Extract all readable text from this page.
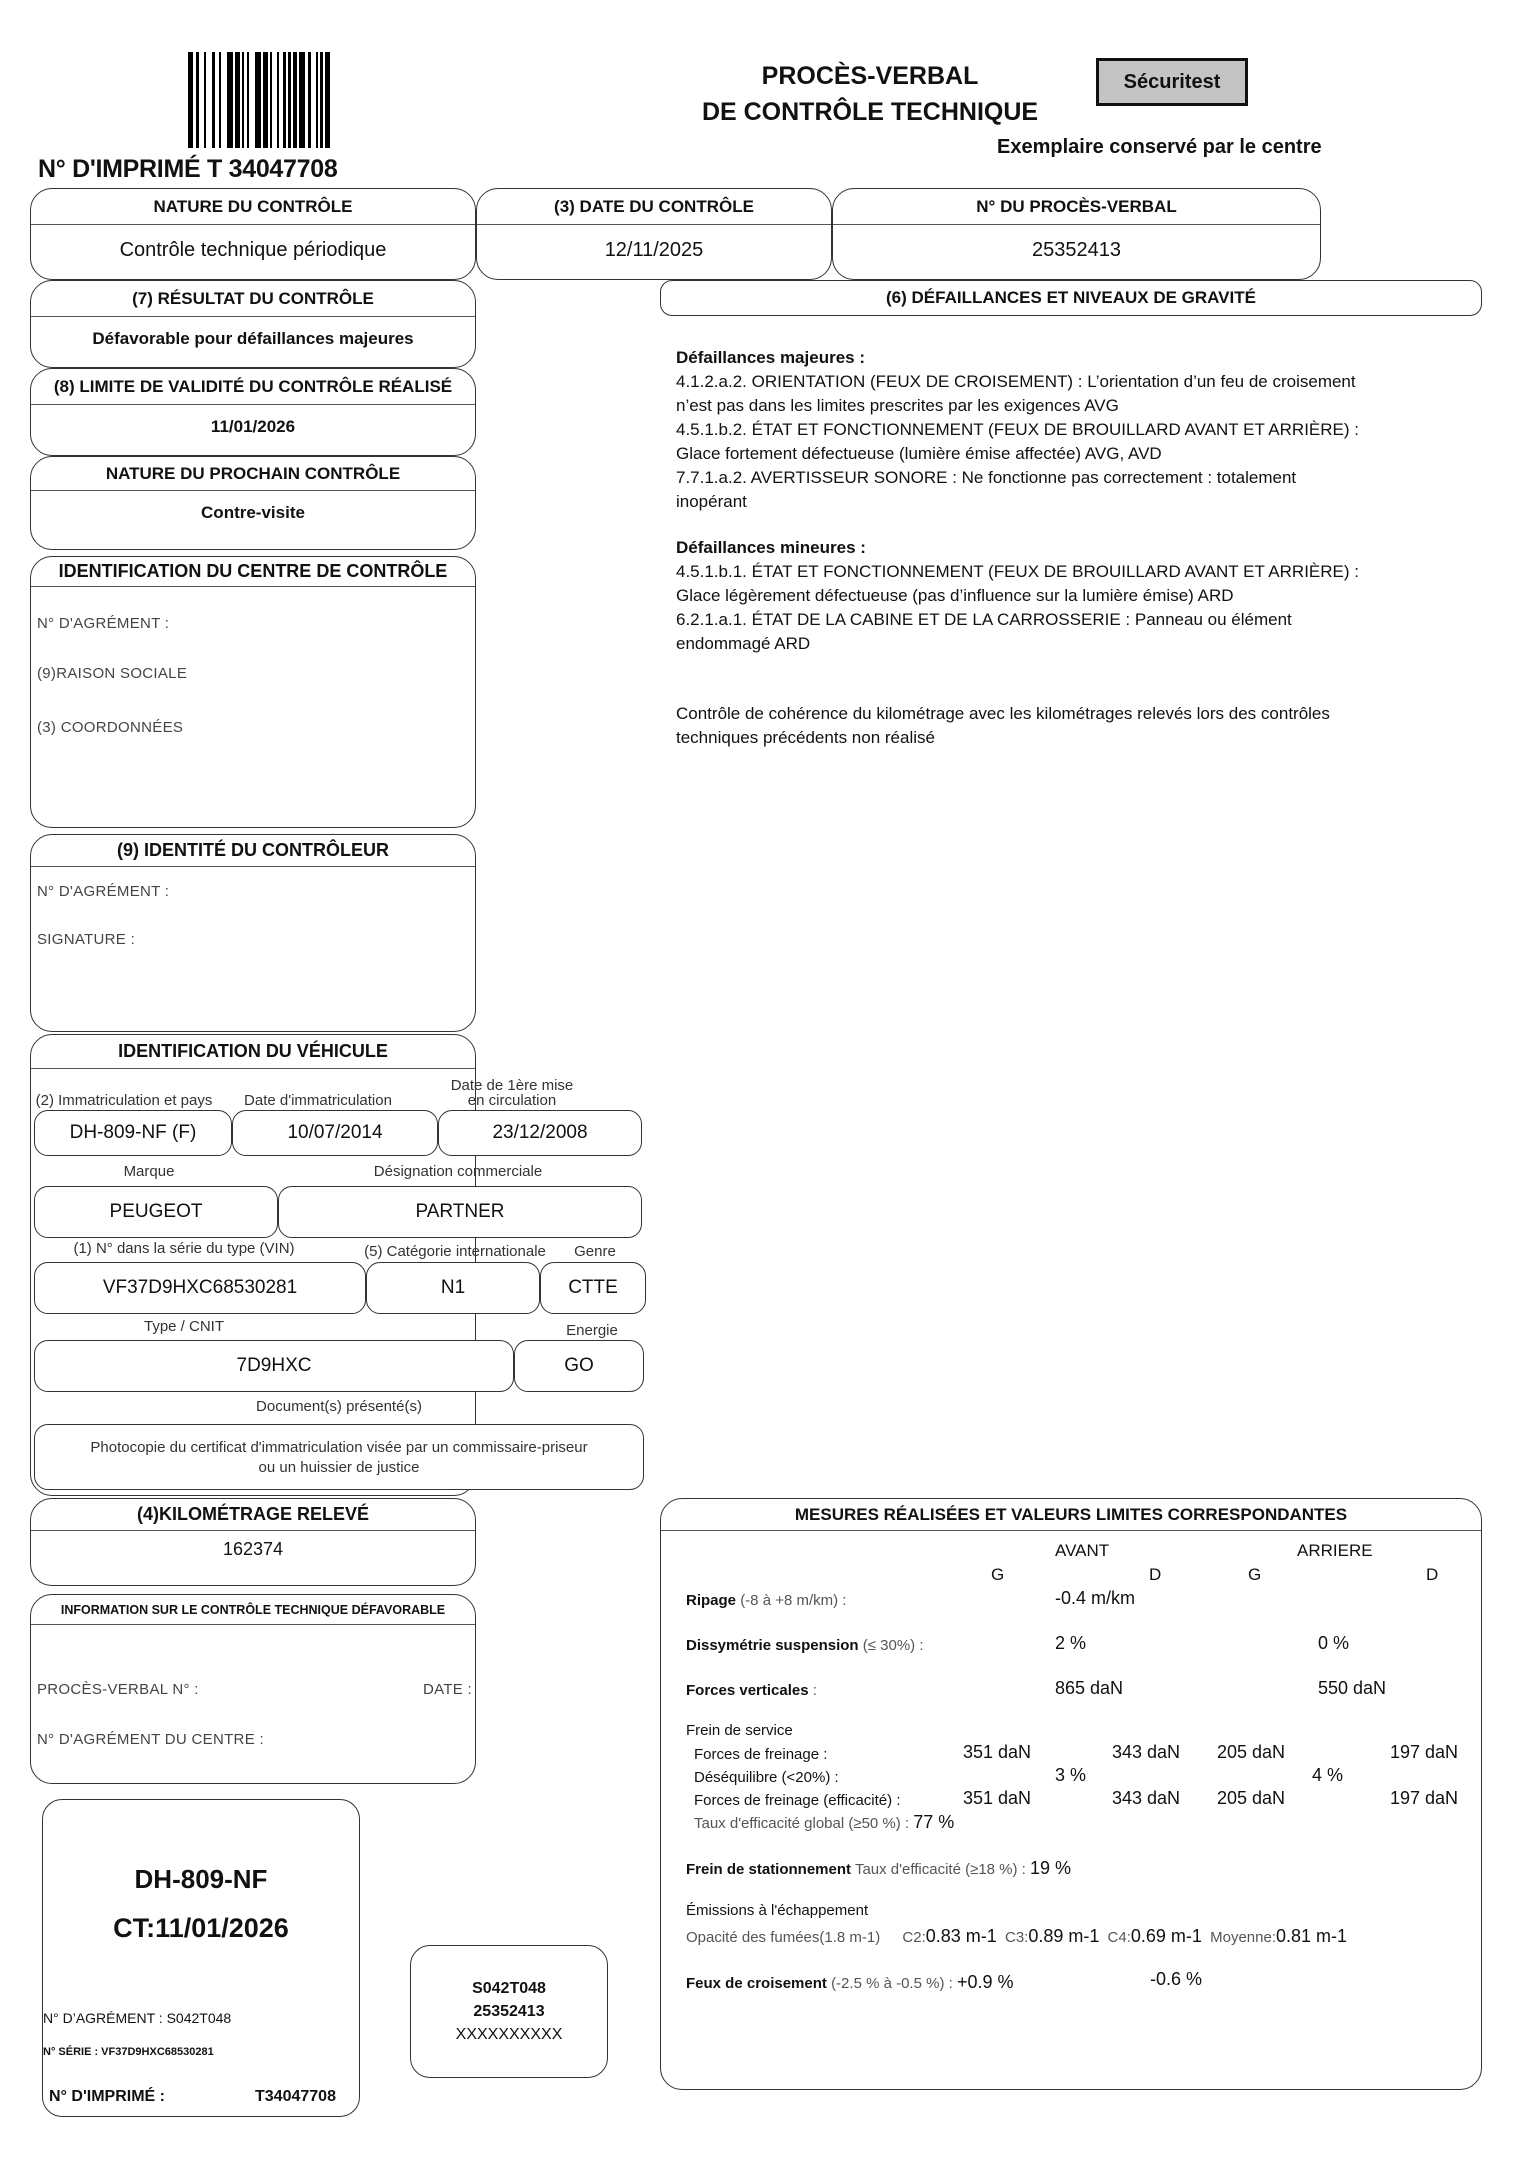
N° D'IMPRIMÉ T 34047708
PROCÈS-VERBAL
DE CONTRÔLE TECHNIQUE
Sécuritest
Exemplaire conservé par le centre
NATURE DU CONTRÔLE
Contrôle technique périodique
(3) DATE DU CONTRÔLE
12/11/2025
N° DU PROCÈS-VERBAL
25352413
(7) RÉSULTAT DU CONTRÔLE
Défavorable pour défaillances majeures
(8) LIMITE DE VALIDITÉ DU CONTRÔLE RÉALISÉ
11/01/2026
NATURE DU PROCHAIN CONTRÔLE
Contre-visite
IDENTIFICATION DU CENTRE DE CONTRÔLE
N° D'AGRÉMENT :
(9)RAISON SOCIALE
(3) COORDONNÉES
(9) IDENTITÉ DU CONTRÔLEUR
N° D'AGRÉMENT :
SIGNATURE :
IDENTIFICATION DU VÉHICULE
(2) Immatriculation et pays	Date d'immatriculation
Date de 1ère mise
en circulation
DH-809-NF (F)	10/07/2014	23/12/2008
Marque	Désignation commerciale
PEUGEOT	PARTNER
(1) N° dans la série du type (VIN)	(5) Catégorie internationale	Genre
VF37D9HXC68530281	N1	CTTE
Type / CNIT	Energie
7D9HXC	GO
Document(s) présenté(s)
Photocopie du certificat d'immatriculation visée par un commissaire-priseur
ou un huissier de justice
(4)KILOMÉTRAGE RELEVÉ
162374
INFORMATION SUR LE CONTRÔLE TECHNIQUE DÉFAVORABLE
PROCÈS-VERBAL N° :	DATE :
N° D'AGRÉMENT DU CENTRE :
DH-809-NF
CT:11/01/2026
N° D’AGRÉMENT : S042T048
N° SÉRIE : VF37D9HXC68530281
N° D'IMPRIMÉ :	T34047708
S042T048
25352413
XXXXXXXXXX
(6) DÉFAILLANCES ET NIVEAUX DE GRAVITÉ
Défaillances majeures :
4.1.2.a.2. ORIENTATION (FEUX DE CROISEMENT) : L’orientation d’un feu de croisement n’est pas dans les limites prescrites par les exigences AVG
4.5.1.b.2. ÉTAT ET FONCTIONNEMENT (FEUX DE BROUILLARD AVANT ET ARRIÈRE) : Glace fortement défectueuse (lumière émise affectée) AVG, AVD
7.7.1.a.2. AVERTISSEUR SONORE : Ne fonctionne pas correctement : totalement inopérant
Défaillances mineures :
4.5.1.b.1. ÉTAT ET FONCTIONNEMENT (FEUX DE BROUILLARD AVANT ET ARRIÈRE) : Glace légèrement défectueuse (pas d’influence sur la lumière émise) ARD
6.2.1.a.1. ÉTAT DE LA CABINE ET DE LA CARROSSERIE : Panneau ou élément endommagé ARD
Contrôle de cohérence du kilométrage avec les kilométrages relevés lors des contrôles techniques précédents non réalisé
MESURES RÉALISÉES ET VALEURS LIMITES CORRESPONDANTES
AVANT	ARRIERE
G	D	G	D
Ripage (-8 à +8 m/km) :	-0.4 m/km
Dissymétrie suspension (≤ 30%) :	2 %	0 %
Forces verticales :	865 daN	550 daN
Frein de service
Forces de freinage :	351 daN	343 daN 205 daN	197 daN
Déséquilibre (<20%) :	3 %	4 %
Forces de freinage (efficacité) :	351 daN	343 daN 205 daN	197 daN
Taux d'efficacité global (≥50 %) : 77 %
Frein de stationnement Taux d'efficacité (≥18 %) : 19 %
Émissions à l'échappement
Opacité des fumées(1.8 m-1) C2:0.83 m-1 C3:0.89 m-1 C4:0.69 m-1 Moyenne:0.81 m-1
Feux de croisement (-2.5 % à -0.5 %) : +0.9 %	-0.6 %
